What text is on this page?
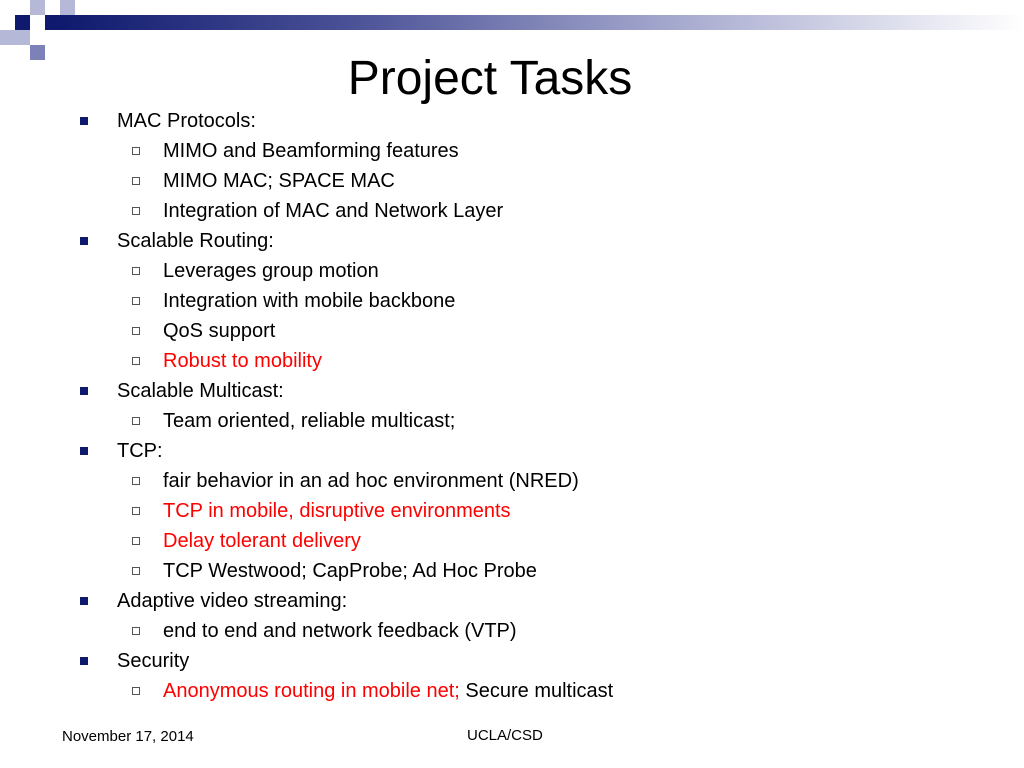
Project Tasks
MAC Protocols:
MIMO and Beamforming features
MIMO MAC; SPACE MAC
Integration of MAC and Network Layer
Scalable Routing:
Leverages group motion
Integration with mobile backbone
QoS support
Robust to mobility
Scalable Multicast:
Team oriented, reliable multicast;
TCP:
fair behavior in an ad hoc environment (NRED)
TCP in mobile, disruptive environments
Delay tolerant delivery
TCP Westwood; CapProbe; Ad Hoc Probe
Adaptive video streaming:
end to end and network feedback (VTP)
Security
Anonymous routing in mobile net; Secure multicast
November 17, 2014	UCLA/CSD
